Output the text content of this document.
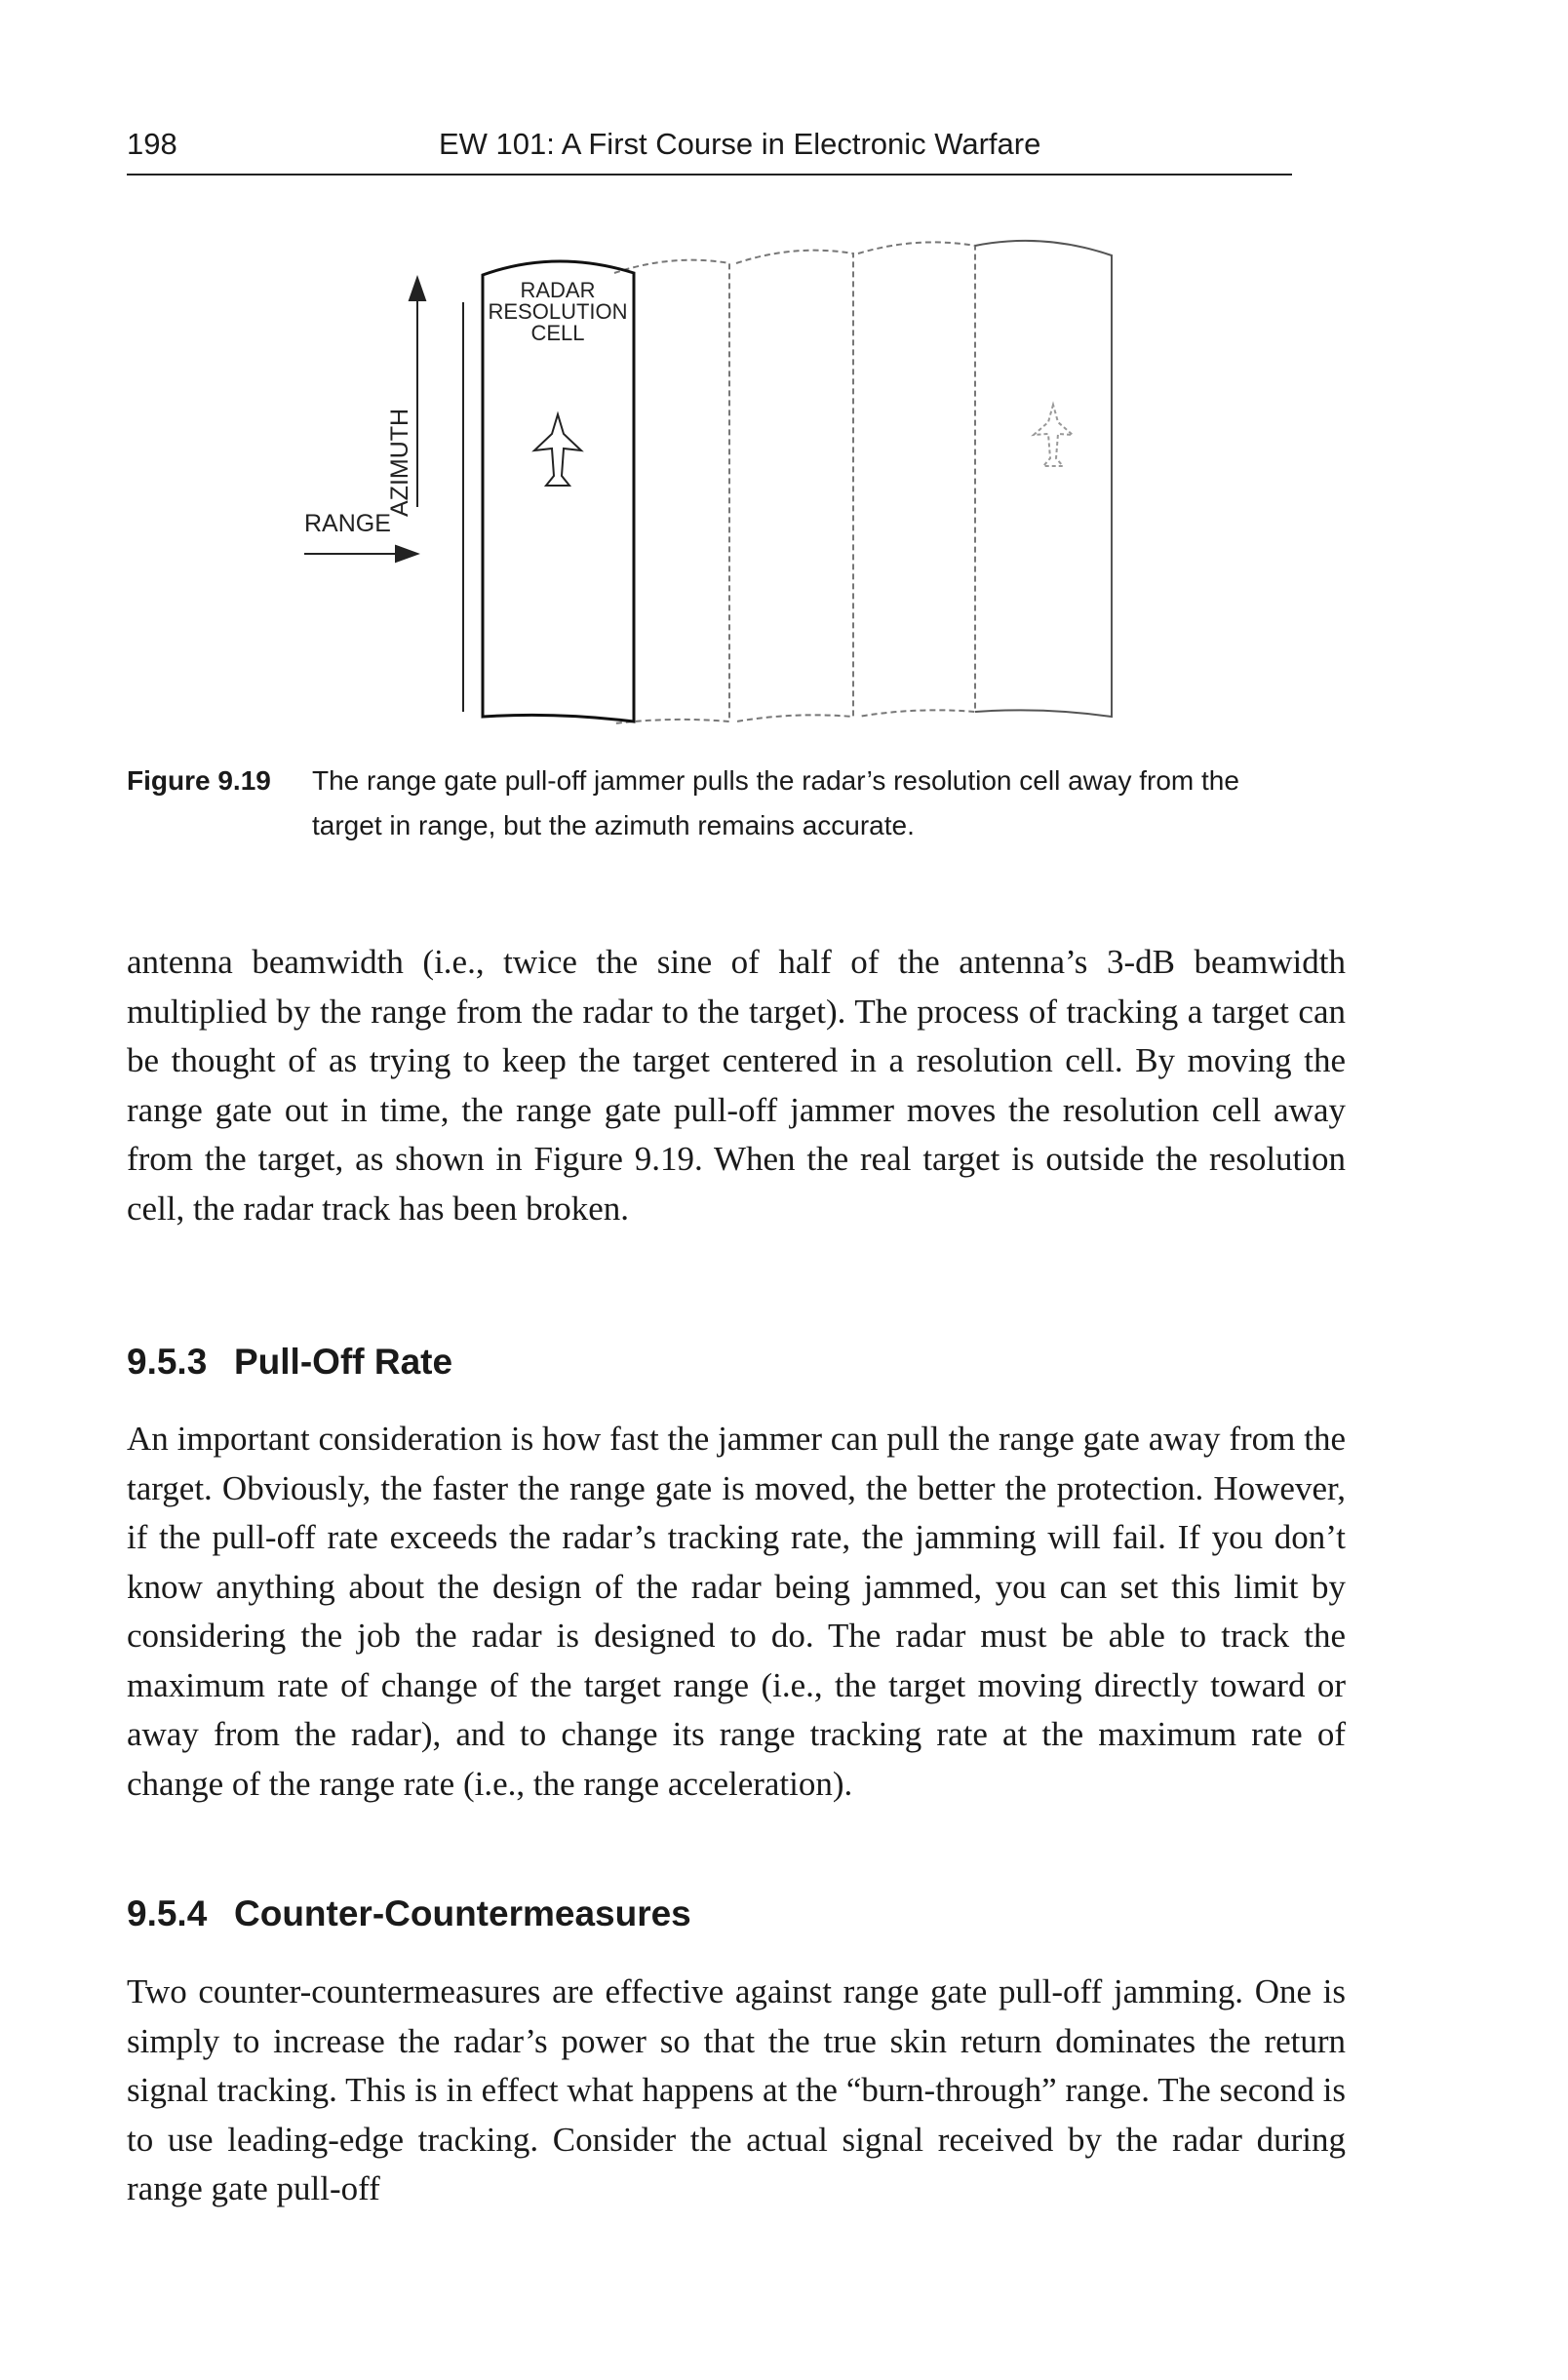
198	EW 101: A First Course in Electronic Warfare
RADAR
RESOLUTION
CELL
AZIMUTH
RANGE
Figure 9.19 The range gate pull-off jammer pulls the radar’s resolution cell away from the target in range, but the azimuth remains accurate.

antenna beamwidth (i.e., twice the sine of half of the antenna’s 3-dB beamwidth multiplied by the range from the radar to the target). The process of tracking a target can be thought of as trying to keep the target centered in a resolution cell. By moving the range gate out in time, the range gate pull-off jammer moves the resolution cell away from the target, as shown in Figure 9.19. When the real target is outside the resolution cell, the radar track has been broken.

9.5.3 Pull-Off Rate

An important consideration is how fast the jammer can pull the range gate away from the target. Obviously, the faster the range gate is moved, the better the protection. However, if the pull-off rate exceeds the radar’s tracking rate, the jamming will fail. If you don’t know anything about the design of the radar being jammed, you can set this limit by considering the job the radar is designed to do. The radar must be able to track the maximum rate of change of the target range (i.e., the target moving directly toward or away from the radar), and to change its range tracking rate at the maximum rate of change of the range rate (i.e., the range acceleration).

9.5.4 Counter-Countermeasures

Two counter-countermeasures are effective against range gate pull-off jamming. One is simply to increase the radar’s power so that the true skin return dominates the return signal tracking. This is in effect what happens at the “burn-through” range. The second is to use leading-edge tracking. Consider the actual signal received by the radar during range gate pull-off
